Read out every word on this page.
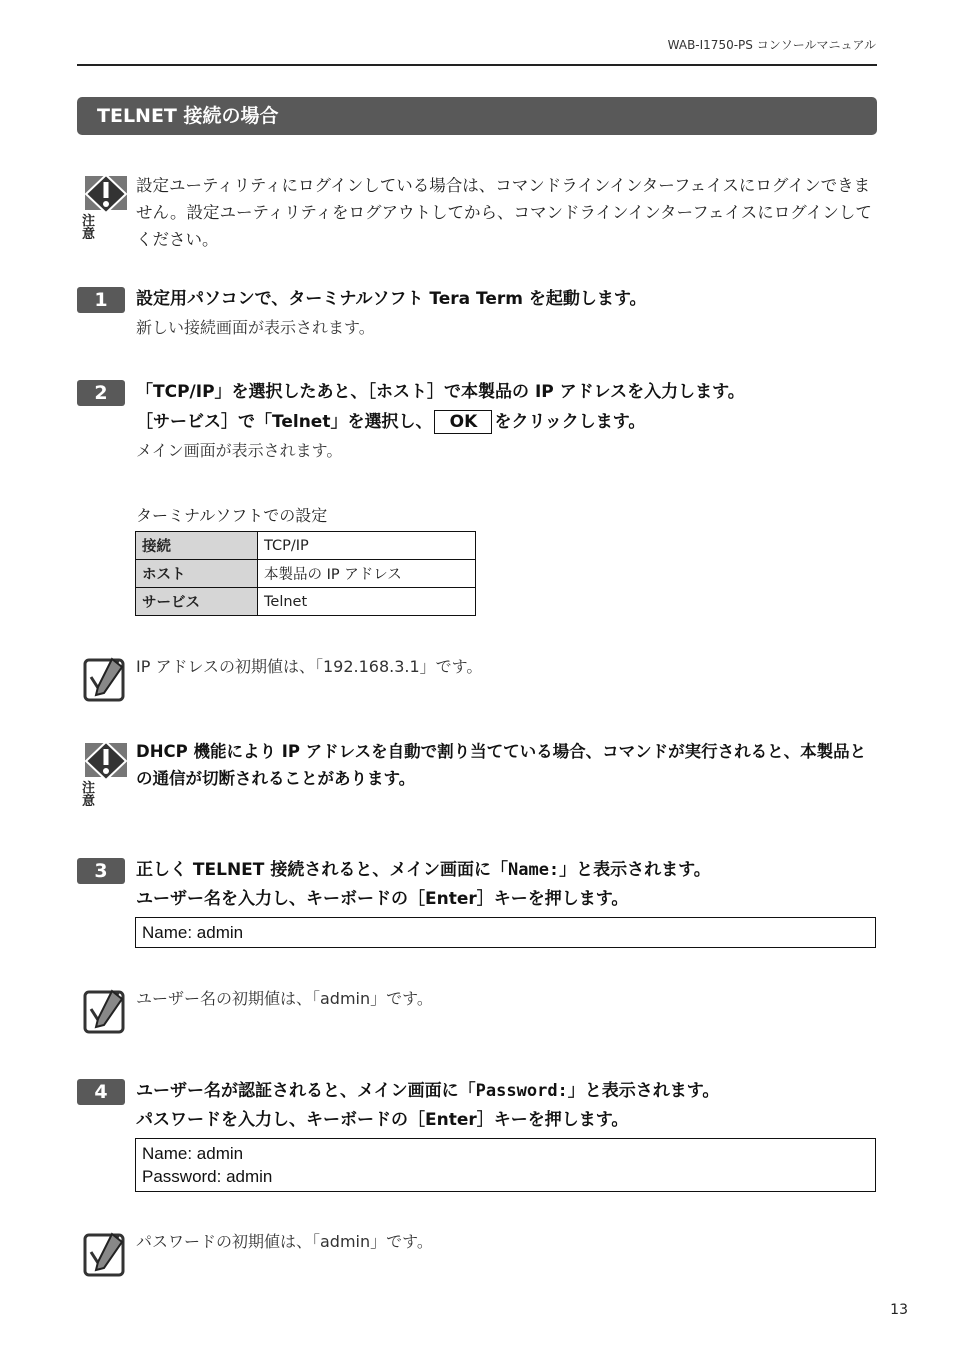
WAB-I1750-PS コンソールマニュアル
TELNET 接続の場合
注 意
設定ユーティリティにログインしている場合は、コマンドラインインターフェイスにログインできません。設定ユーティリティをログアウトしてから、コマンドラインインターフェイスにログインしてください。
1	設定用パソコンで、ターミナルソフト Tera Term を起動します。
新しい接続画面が表示されます。
2	「TCP/IP」を選択したあと、［ホスト］で本製品の IP アドレスを入力します。
［サービス］で「Telnet」を選択し、 OK をクリックします。
メイン画面が表示されます。
ターミナルソフトでの設定
接続	TCP/IP
ホスト	本製品の IP アドレス
サービス	Telnet
IP アドレスの初期値は、「192.168.3.1」です。
注 意
DHCP 機能により IP アドレスを自動で割り当てている場合、コマンドが実行されると、本製品との通信が切断されることがあります。
3	正しく TELNET 接続されると、メイン画面に「Name:」と表示されます。
ユーザー名を入力し、キーボードの［Enter］キーを押します。
Name: admin
ユーザー名の初期値は、「admin」です。
4	ユーザー名が認証されると、メイン画面に「Password:」と表示されます。
パスワードを入力し、キーボードの［Enter］キーを押します。
Name: admin
Password: admin
パスワードの初期値は、「admin」です。
13
